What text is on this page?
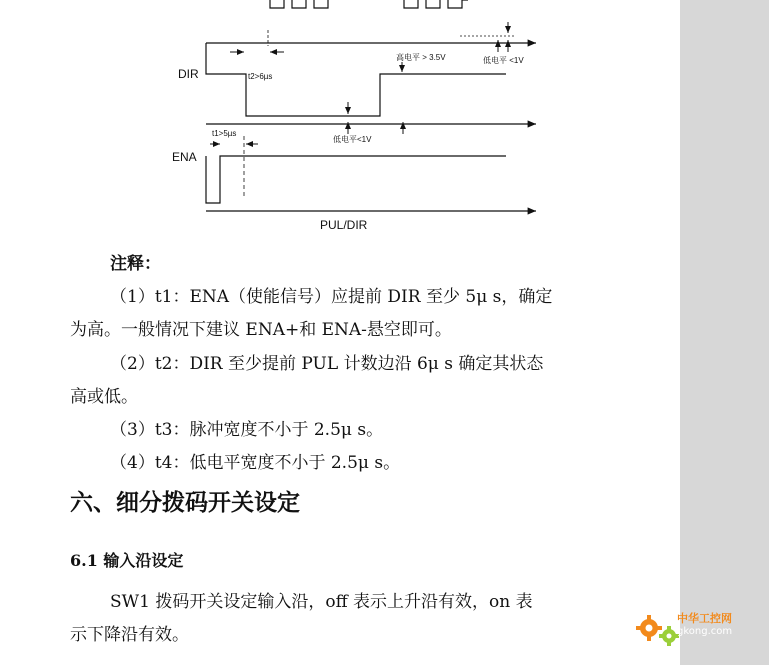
DIR	t2>6µs
高电平 > 3.5V	低电平 <1V
低电平<1V
ENA
t1>5µs
PUL/DIR
注释：
（1）t1：ENA（使能信号）应提前 DIR 至少 5μ s，确定
为高。一般情况下建议 ENA+和 ENA-悬空即可。
（2）t2：DIR 至少提前 PUL 计数边沿 6μ s 确定其状态
高或低。
（3）t3：脉冲宽度不小于 2.5μ s。
（4）t4：低电平宽度不小于 2.5μ s。
六、细分拨码开关设定
6.1 输入沿设定
SW1 拨码开关设定输入沿，off 表示上升沿有效，on 表
示下降沿有效。
中华工控网
gkong.com
